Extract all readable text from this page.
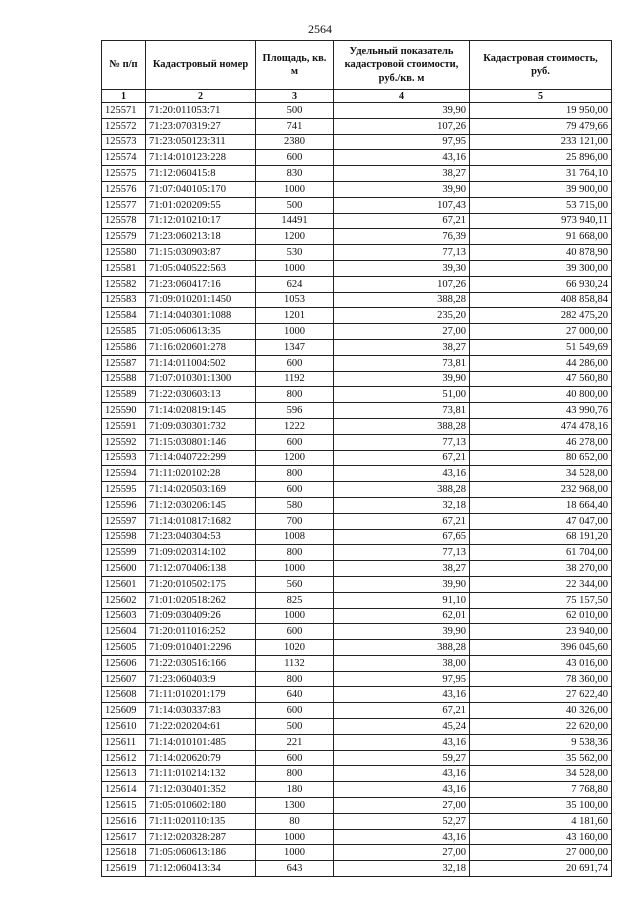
2564
№ п/п	Кадастровый номер	Площадь, кв. м	Удельный показатель кадастровой стоимости, руб./кв. м	Кадастровая стоимость, руб.
1	2	3	4	5
125571	71:20:011053:71	500	39,90	19 950,00
125572	71:23:070319:27	741	107,26	79 479,66
125573	71:23:050123:311	2380	97,95	233 121,00
125574	71:14:010123:228	600	43,16	25 896,00
125575	71:12:060415:8	830	38,27	31 764,10
125576	71:07:040105:170	1000	39,90	39 900,00
125577	71:01:020209:55	500	107,43	53 715,00
125578	71:12:010210:17	14491	67,21	973 940,11
125579	71:23:060213:18	1200	76,39	91 668,00
125580	71:15:030903:87	530	77,13	40 878,90
125581	71:05:040522:563	1000	39,30	39 300,00
125582	71:23:060417:16	624	107,26	66 930,24
125583	71:09:010201:1450	1053	388,28	408 858,84
125584	71:14:040301:1088	1201	235,20	282 475,20
125585	71:05:060613:35	1000	27,00	27 000,00
125586	71:16:020601:278	1347	38,27	51 549,69
125587	71:14:011004:502	600	73,81	44 286,00
125588	71:07:010301:1300	1192	39,90	47 560,80
125589	71:22:030603:13	800	51,00	40 800,00
125590	71:14:020819:145	596	73,81	43 990,76
125591	71:09:030301:732	1222	388,28	474 478,16
125592	71:15:030801:146	600	77,13	46 278,00
125593	71:14:040722:299	1200	67,21	80 652,00
125594	71:11:020102:28	800	43,16	34 528,00
125595	71:14:020503:169	600	388,28	232 968,00
125596	71:12:030206:145	580	32,18	18 664,40
125597	71:14:010817:1682	700	67,21	47 047,00
125598	71:23:040304:53	1008	67,65	68 191,20
125599	71:09:020314:102	800	77,13	61 704,00
125600	71:12:070406:138	1000	38,27	38 270,00
125601	71:20:010502:175	560	39,90	22 344,00
125602	71:01:020518:262	825	91,10	75 157,50
125603	71:09:030409:26	1000	62,01	62 010,00
125604	71:20:011016:252	600	39,90	23 940,00
125605	71:09:010401:2296	1020	388,28	396 045,60
125606	71:22:030516:166	1132	38,00	43 016,00
125607	71:23:060403:9	800	97,95	78 360,00
125608	71:11:010201:179	640	43,16	27 622,40
125609	71:14:030337:83	600	67,21	40 326,00
125610	71:22:020204:61	500	45,24	22 620,00
125611	71:14:010101:485	221	43,16	9 538,36
125612	71:14:020620:79	600	59,27	35 562,00
125613	71:11:010214:132	800	43,16	34 528,00
125614	71:12:030401:352	180	43,16	7 768,80
125615	71:05:010602:180	1300	27,00	35 100,00
125616	71:11:020110:135	80	52,27	4 181,60
125617	71:12:020328:287	1000	43,16	43 160,00
125618	71:05:060613:186	1000	27,00	27 000,00
125619	71:12:060413:34	643	32,18	20 691,74
